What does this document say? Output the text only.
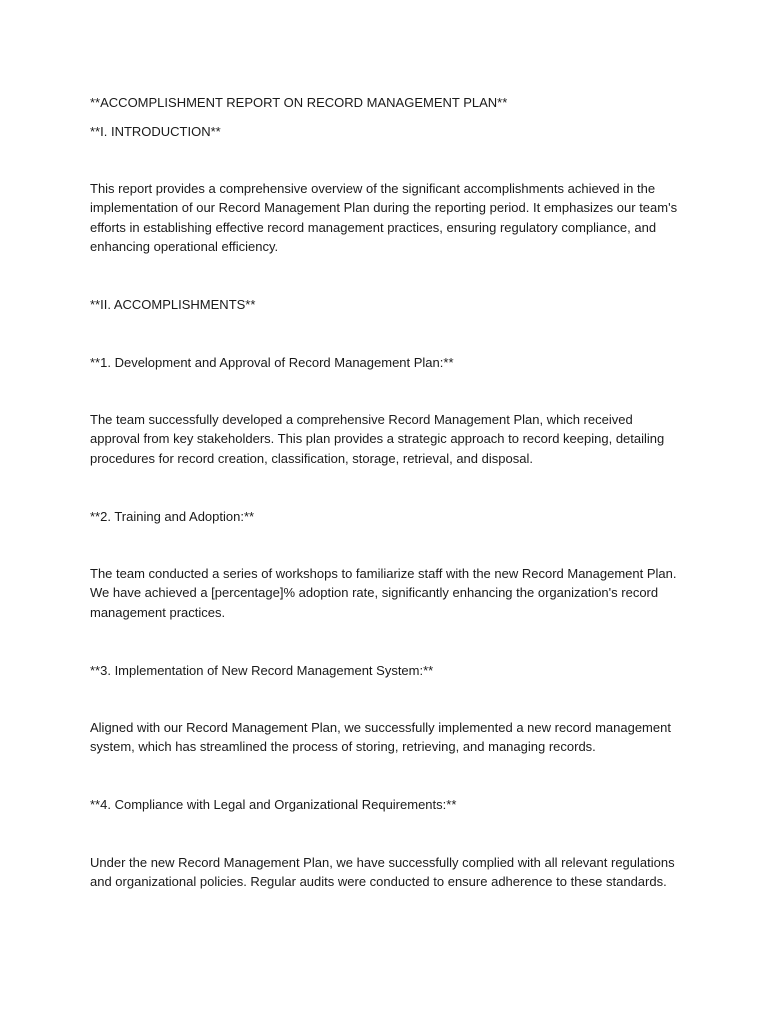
**ACCOMPLISHMENT REPORT ON RECORD MANAGEMENT PLAN**

**I. INTRODUCTION**

This report provides a comprehensive overview of the significant accomplishments achieved in the implementation of our Record Management Plan during the reporting period. It emphasizes our team's efforts in establishing effective record management practices, ensuring regulatory compliance, and enhancing operational efficiency.

**II. ACCOMPLISHMENTS**

**1. Development and Approval of Record Management Plan:**

The team successfully developed a comprehensive Record Management Plan, which received approval from key stakeholders. This plan provides a strategic approach to record keeping, detailing procedures for record creation, classification, storage, retrieval, and disposal.

**2. Training and Adoption:**

The team conducted a series of workshops to familiarize staff with the new Record Management Plan. We have achieved a [percentage]% adoption rate, significantly enhancing the organization's record management practices.

**3. Implementation of New Record Management System:**

Aligned with our Record Management Plan, we successfully implemented a new record management system, which has streamlined the process of storing, retrieving, and managing records.

**4. Compliance with Legal and Organizational Requirements:**

Under the new Record Management Plan, we have successfully complied with all relevant regulations and organizational policies. Regular audits were conducted to ensure adherence to these standards.
